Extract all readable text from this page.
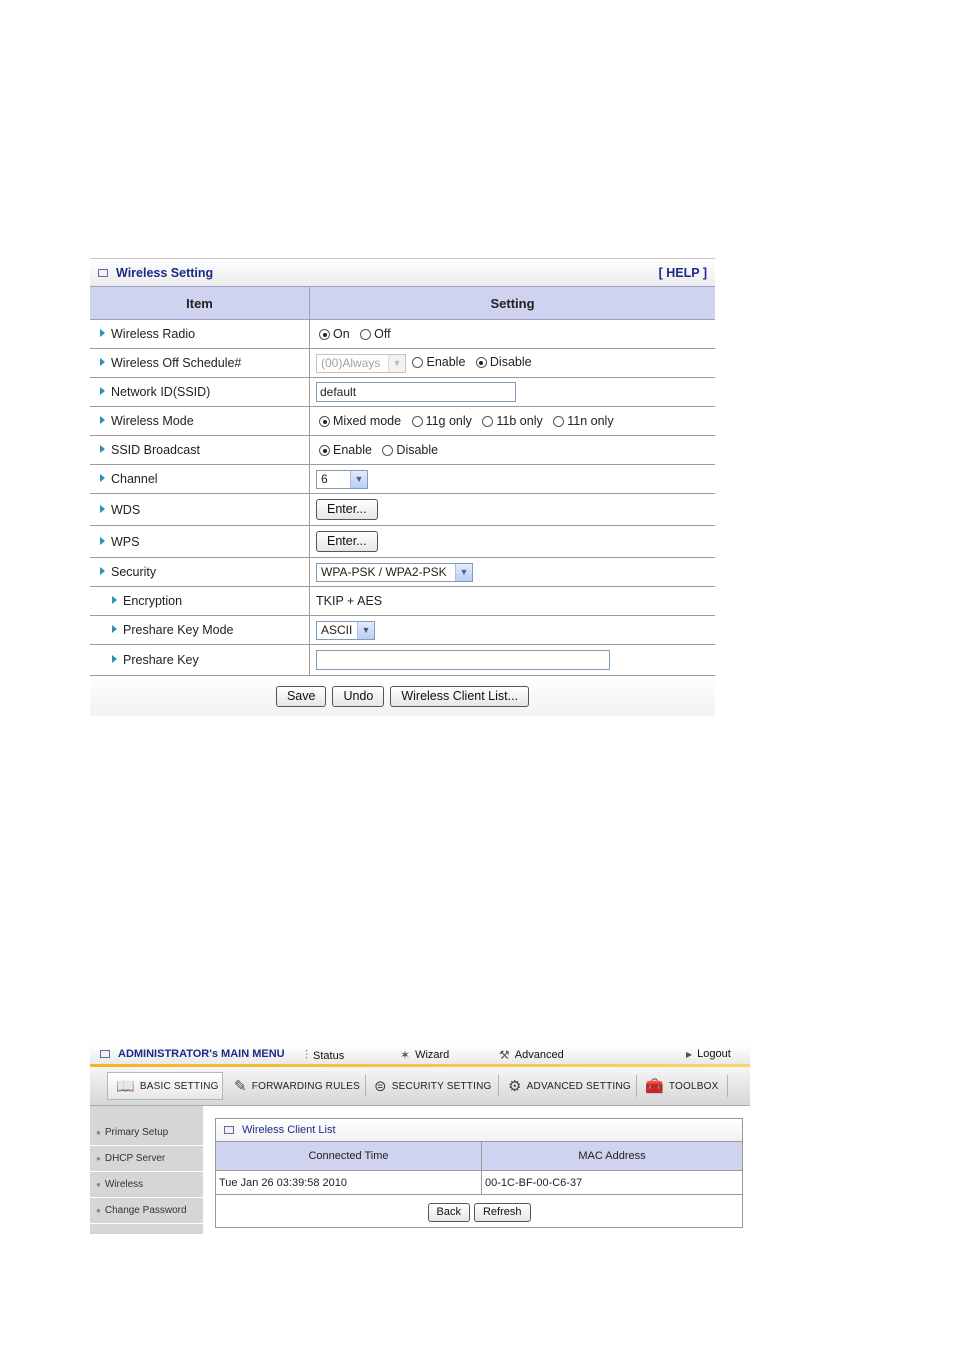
Wireless Setting	[ HELP ]
Item	Setting
Wireless Radio	On Off
Wireless Off Schedule#	(00)Always ▼ Enable Disable
Network ID(SSID)	default
Wireless Mode	Mixed mode 11g only 11b only 11n only
SSID Broadcast	Enable Disable
Channel	6 ▼

WDS	Enter...
WPS	Enter...
Security	WPA-PSK / WPA2-PSK ▼

Encryption	TKIP + AES
Preshare Key Mode	ASCII ▼

Preshare Key	
Save	Undo	Wireless Client List...
ADMINISTRATOR's MAIN MENU ⫶ Status	✶ Wizard	⚒ Advanced	▶ Logout
📖 BASIC SETTING ✎ FORWARDING RULES ⊜ SECURITY SETTING ⚙ ADVANCED SETTING 🧰 TOOLBOX
● Primary Setup
● DHCP Server
● Wireless
● Change Password
Wireless Client List
Connected Time	MAC Address
Tue Jan 26 03:39:58 2010	00-1C-BF-00-C6-37
Back	Refresh
